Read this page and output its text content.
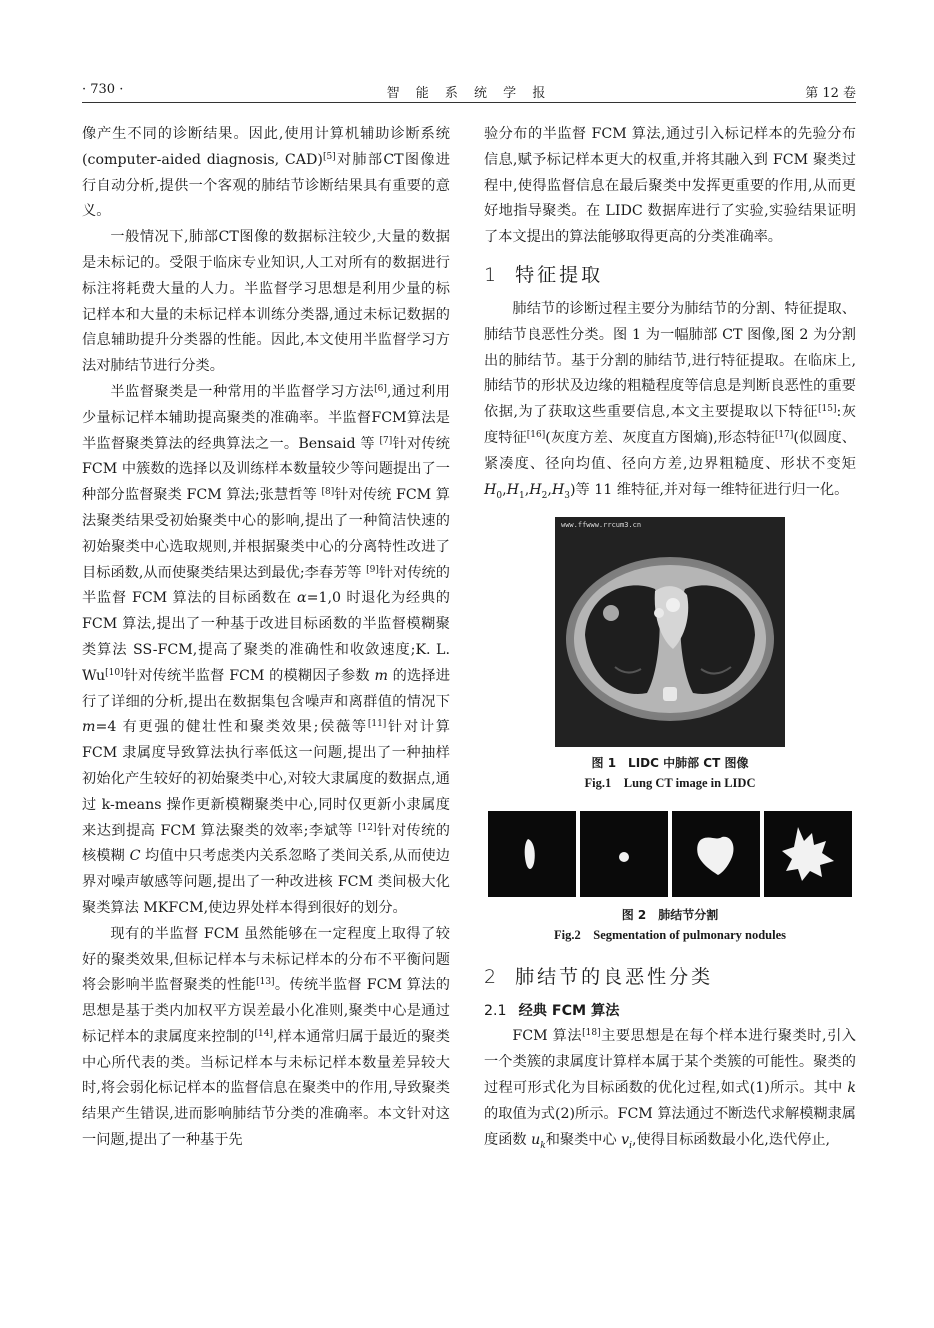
· 730 ·	智 能 系 统 学 报	第 12 卷

像产生不同的诊断结果。因此,使用计算机辅助诊断系统(computer-aided diagnosis, CAD)[5]对肺部CT图像进行自动分析,提供一个客观的肺结节诊断结果具有重要的意义。

一般情况下,肺部CT图像的数据标注较少,大量的数据是未标记的。受限于临床专业知识,人工对所有的数据进行标注将耗费大量的人力。半监督学习思想是利用少量的标记样本和大量的未标记样本训练分类器,通过未标记数据的信息辅助提升分类器的性能。因此,本文使用半监督学习方法对肺结节进行分类。

半监督聚类是一种常用的半监督学习方法[6],通过利用少量标记样本辅助提高聚类的准确率。半监督FCM算法是半监督聚类算法的经典算法之一。Bensaid 等 [7]针对传统 FCM 中簇数的选择以及训练样本数量较少等问题提出了一种部分监督聚类 FCM 算法;张慧哲等 [8]针对传统 FCM 算法聚类结果受初始聚类中心的影响,提出了一种简洁快速的初始聚类中心选取规则,并根据聚类中心的分离特性改进了目标函数,从而使聚类结果达到最优;李春芳等 [9]针对传统的半监督 FCM 算法的目标函数在 α=1,0 时退化为经典的 FCM 算法,提出了一种基于改进目标函数的半监督模糊聚类算法 SS-FCM,提高了聚类的准确性和收敛速度;K. L. Wu[10]针对传统半监督 FCM 的模糊因子参数 m 的选择进行了详细的分析,提出在数据集包含噪声和离群值的情况下 m=4 有更强的健壮性和聚类效果;侯薇等[11]针对计算 FCM 隶属度导致算法执行率低这一问题,提出了一种抽样初始化产生较好的初始聚类中心,对较大隶属度的数据点,通过 k-means 操作更新模糊聚类中心,同时仅更新小隶属度来达到提高 FCM 算法聚类的效率;李斌等 [12]针对传统的核模糊 C 均值中只考虑类内关系忽略了类间关系,从而使边界对噪声敏感等问题,提出了一种改进核 FCM 类间极大化聚类算法 MKFCM,使边界处样本得到很好的划分。

现有的半监督 FCM 虽然能够在一定程度上取得了较好的聚类效果,但标记样本与未标记样本的分布不平衡问题将会影响半监督聚类的性能[13]。传统半监督 FCM 算法的思想是基于类内加权平方误差最小化准则,聚类中心是通过标记样本的隶属度来控制的[14],样本通常归属于最近的聚类中心所代表的类。当标记样本与未标记样本数量差异较大时,将会弱化标记样本的监督信息在聚类中的作用,导致聚类结果产生错误,进而影响肺结节分类的准确率。本文针对这一问题,提出了一种基于先

验分布的半监督 FCM 算法,通过引入标记样本的先验分布信息,赋予标记样本更大的权重,并将其融入到 FCM 聚类过程中,使得监督信息在最后聚类中发挥更重要的作用,从而更好地指导聚类。在 LIDC 数据库进行了实验,实验结果证明了本文提出的算法能够取得更高的分类准确率。

1 特征提取

肺结节的诊断过程主要分为肺结节的分割、特征提取、肺结节良恶性分类。图 1 为一幅肺部 CT 图像,图 2 为分割出的肺结节。基于分割的肺结节,进行特征提取。在临床上,肺结节的形状及边缘的粗糙程度等信息是判断良恶性的重要依据,为了获取这些重要信息,本文主要提取以下特征[15]:灰度特征[16](灰度方差、灰度直方图熵),形态特征[17](似圆度、紧凑度、径向均值、径向方差,边界粗糙度、形状不变矩 $H_0,H_1,H_2,H_3$)等 11 维特征,并对每一维特征进行归一化。

www.ffwww.rrcum3.cn
图 1　LIDC 中肺部 CT 图像
Fig.1　Lung CT image in LIDC
图 2　肺结节分割
Fig.2　Segmentation of pulmonary nodules
2 肺结节的良恶性分类
2.1 经典 FCM 算法

FCM 算法[18]主要思想是在每个样本进行聚类时,引入一个类簇的隶属度计算样本属于某个类簇的可能性。聚类的过程可形式化为目标函数的优化过程,如式(1)所示。其中 k 的取值为式(2)所示。FCM 算法通过不断迭代求解模糊隶属度函数 $u_k$和聚类中心 $v_i$,使得目标函数最小化,迭代停止,
